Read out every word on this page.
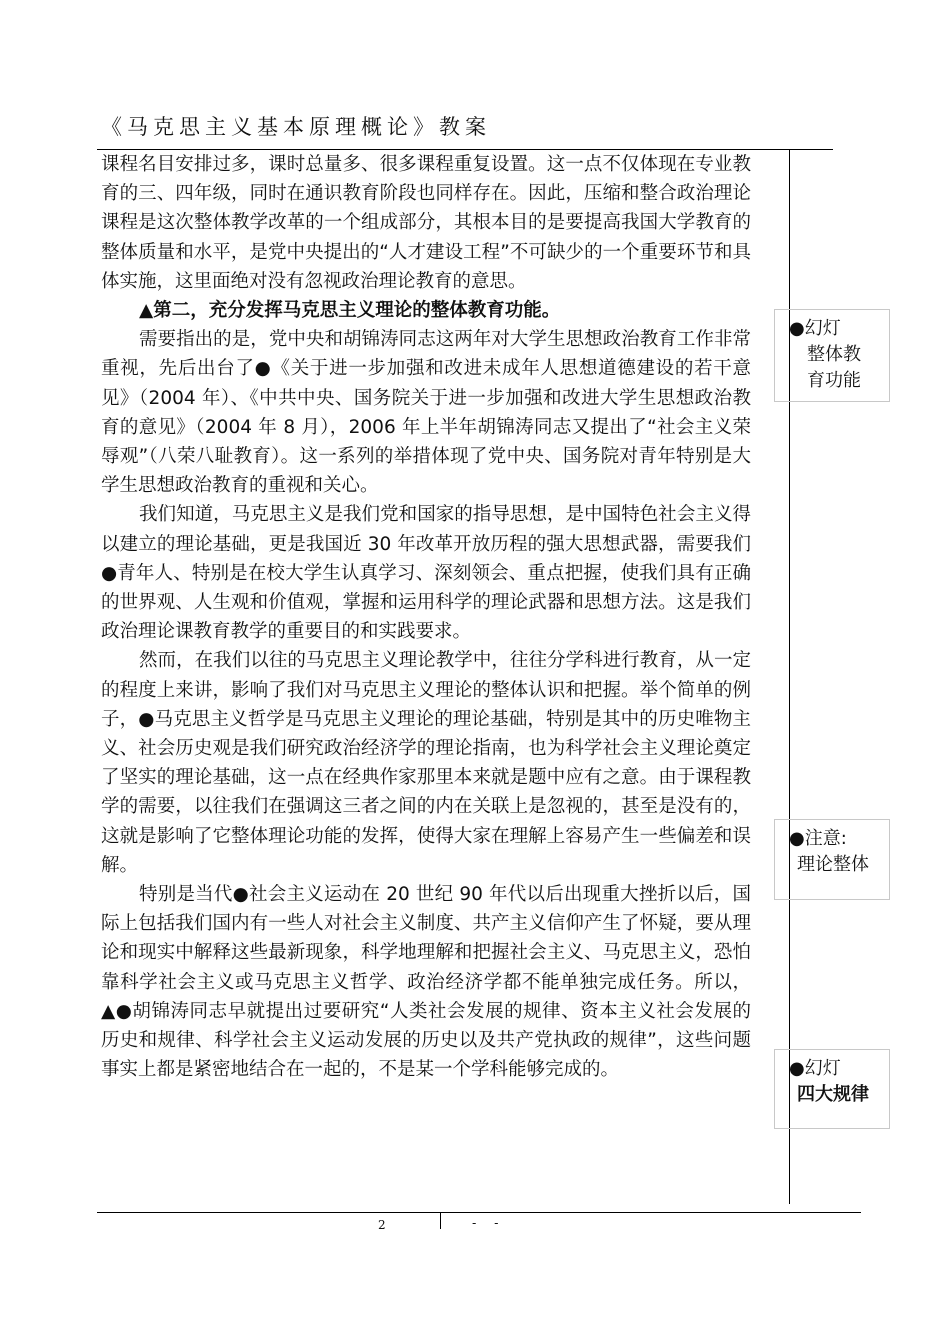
《马克思主义基本原理概论》教案

课程名目安排过多，课时总量多、很多课程重复设置。这一点不仅体现在专业教育的三、四年级，同时在通识教育阶段也同样存在。因此，压缩和整合政治理论课程是这次整体教学改革的一个组成部分，其根本目的是要提高我国大学教育的整体质量和水平，是党中央提出的“人才建设工程”不可缺少的一个重要环节和具体实施，这里面绝对没有忽视政治理论教育的意思。

▲第二，充分发挥马克思主义理论的整体教育功能。

需要指出的是，党中央和胡锦涛同志这两年对大学生思想政治教育工作非常重视，先后出台了●《关于进一步加强和改进未成年人思想道德建设的若干意见》（2004 年）、《中共中央、国务院关于进一步加强和改进大学生思想政治教育的意见》（2004 年 8 月），2006 年上半年胡锦涛同志又提出了“社会主义荣辱观”（八荣八耻教育）。这一系列的举措体现了党中央、国务院对青年特别是大学生思想政治教育的重视和关心。

我们知道，马克思主义是我们党和国家的指导思想，是中国特色社会主义得以建立的理论基础，更是我国近 30 年改革开放历程的强大思想武器，需要我们●青年人、特别是在校大学生认真学习、深刻领会、重点把握，使我们具有正确的世界观、人生观和价值观，掌握和运用科学的理论武器和思想方法。这是我们政治理论课教育教学的重要目的和实践要求。

然而，在我们以往的马克思主义理论教学中，往往分学科进行教育，从一定的程度上来讲，影响了我们对马克思主义理论的整体认识和把握。举个简单的例子，●马克思主义哲学是马克思主义理论的理论基础，特别是其中的历史唯物主义、社会历史观是我们研究政治经济学的理论指南，也为科学社会主义理论奠定了坚实的理论基础，这一点在经典作家那里本来就是题中应有之意。由于课程教学的需要，以往我们在强调这三者之间的内在关联上是忽视的，甚至是没有的，这就是影响了它整体理论功能的发挥，使得大家在理解上容易产生一些偏差和误解。

特别是当代●社会主义运动在 20 世纪 90 年代以后出现重大挫折以后，国际上包括我们国内有一些人对社会主义制度、共产主义信仰产生了怀疑，要从理论和现实中解释这些最新现象，科学地理解和把握社会主义、马克思主义，恐怕靠科学社会主义或马克思主义哲学、政治经济学都不能单独完成任务。所以，▲●胡锦涛同志早就提出过要研究“人类社会发展的规律、资本主义社会发展的历史和规律、科学社会主义运动发展的历史以及共产党执政的规律”，这些问题事实上都是紧密地结合在一起的，不是某一个学科能够完成的。

●幻灯
整体教
育功能
●注意:
理论整体
●幻灯
四大规律
2	- -
